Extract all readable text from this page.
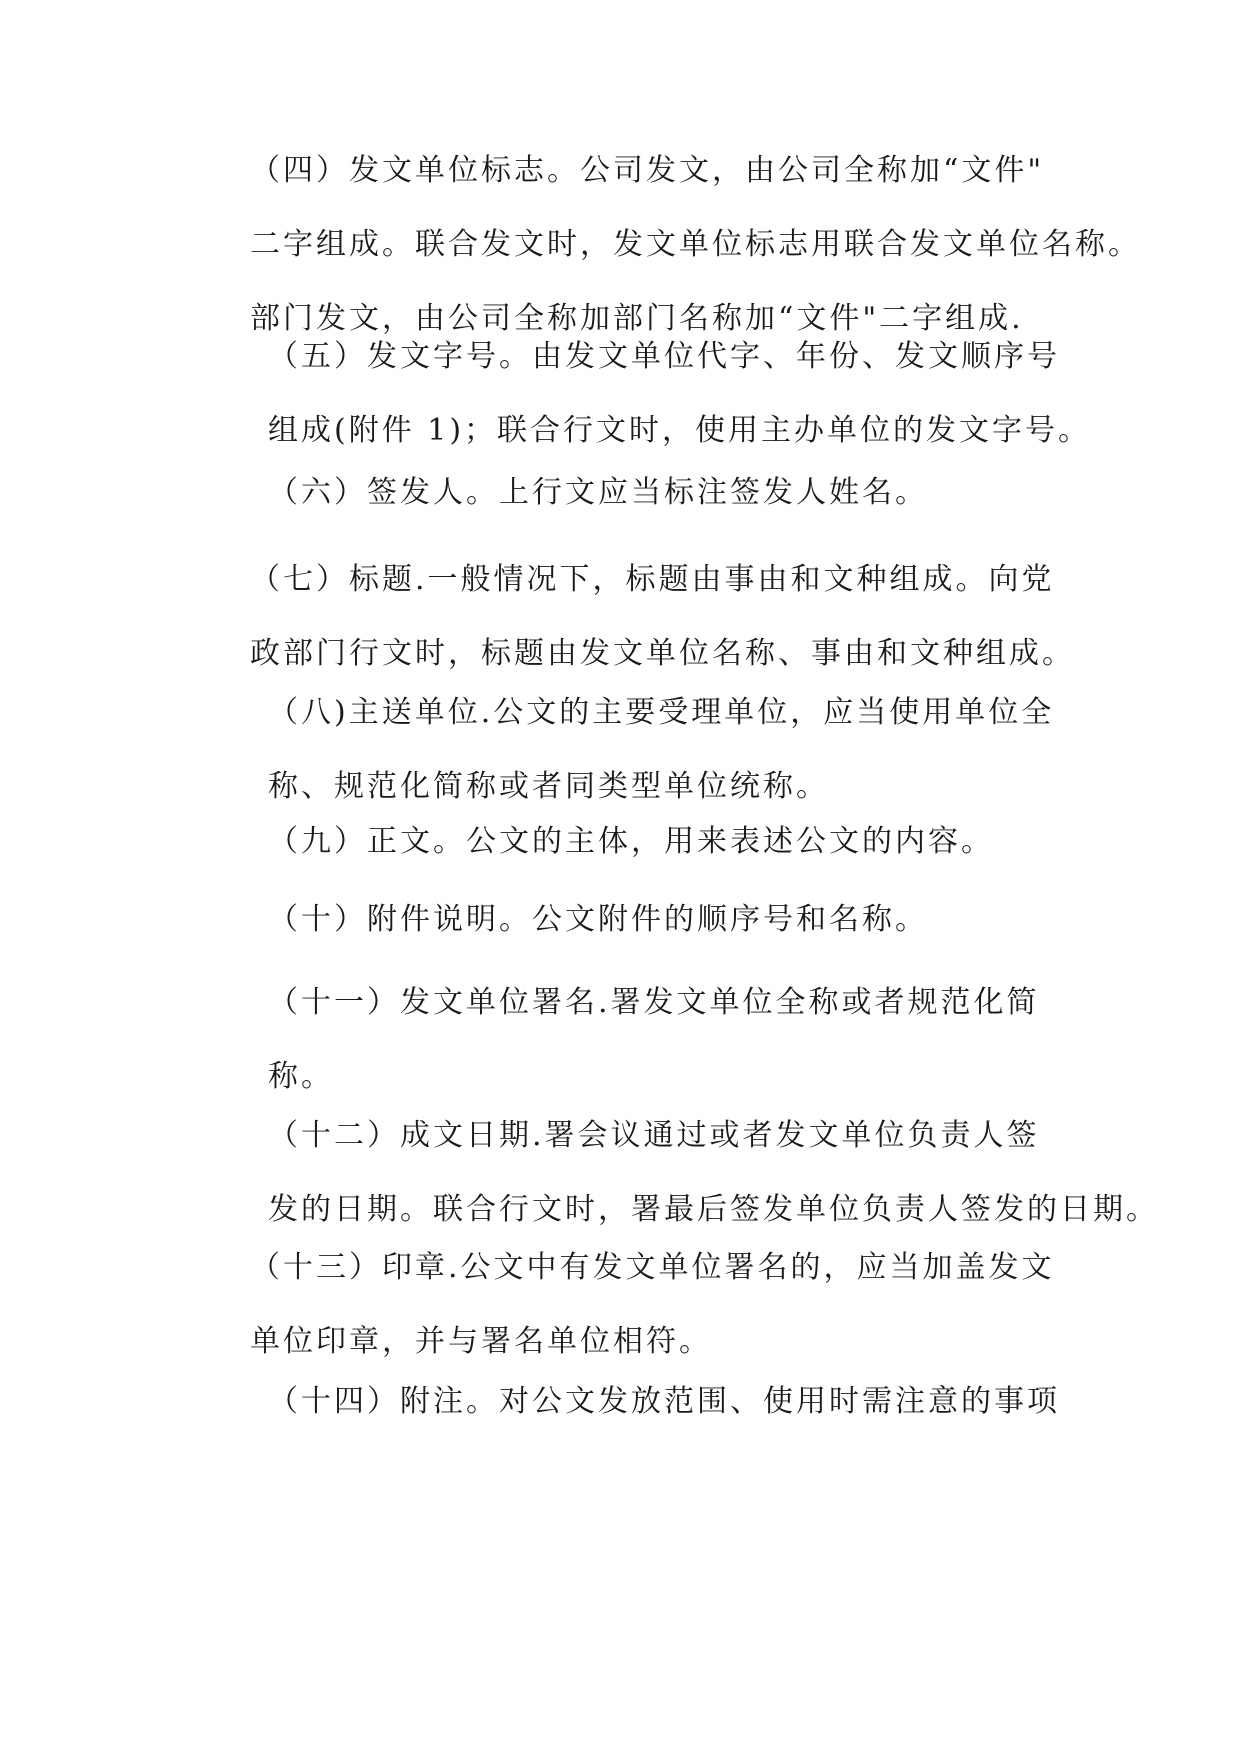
（四）发文单位标志。公司发文，由公司全称加“文件"
二字组成。联合发文时，发文单位标志用联合发文单位名称。
部门发文，由公司全称加部门名称加“文件"二字组成.

（五）发文字号。由发文单位代字、年份、发文顺序号
组成(附件 1)；联合行文时，使用主办单位的发文字号。

（六）签发人。上行文应当标注签发人姓名。

（七）标题.一般情况下，标题由事由和文种组成。向党
政部门行文时，标题由发文单位名称、事由和文种组成。

（八)主送单位.公文的主要受理单位，应当使用单位全
称、规范化简称或者同类型单位统称。

（九）正文。公文的主体，用来表述公文的内容。

（十）附件说明。公文附件的顺序号和名称。

（十一）发文单位署名.署发文单位全称或者规范化简
称。

（十二）成文日期.署会议通过或者发文单位负责人签
发的日期。联合行文时，署最后签发单位负责人签发的日期。

（十三）印章.公文中有发文单位署名的，应当加盖发文
单位印章，并与署名单位相符。

（十四）附注。对公文发放范围、使用时需注意的事项
